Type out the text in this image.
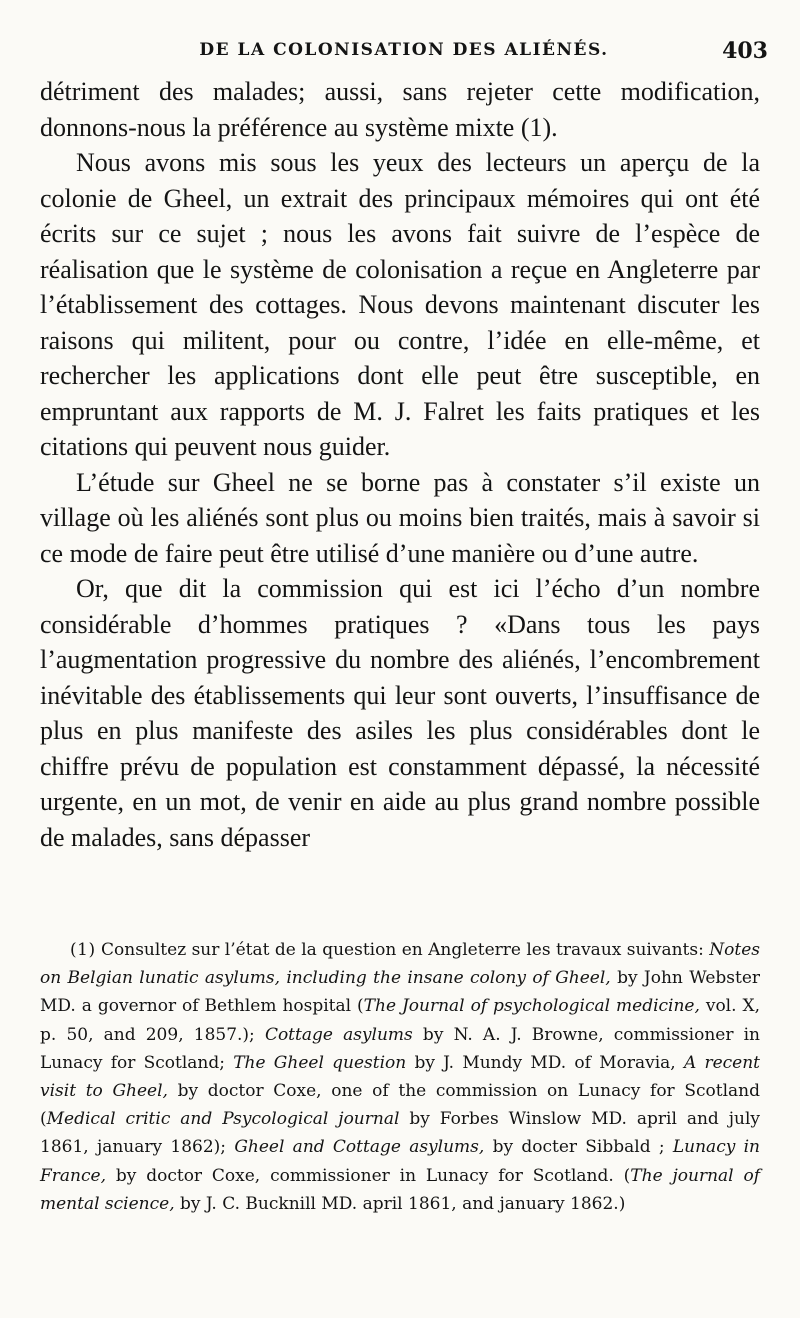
DE LA COLONISATION DES ALIÉNÉS.	403

détriment des malades; aussi, sans rejeter cette modification, donnons-nous la préférence au système mixte (1).

Nous avons mis sous les yeux des lecteurs un aperçu de la colonie de Gheel, un extrait des principaux mémoires qui ont été écrits sur ce sujet ; nous les avons fait suivre de l’espèce de réalisation que le système de colonisation a reçue en Angleterre par l’établissement des cottages. Nous devons maintenant discuter les raisons qui militent, pour ou contre, l’idée en elle-même, et rechercher les applications dont elle peut être susceptible, en empruntant aux rapports de M. J. Falret les faits pratiques et les citations qui peuvent nous guider.

L’étude sur Gheel ne se borne pas à constater s’il existe un village où les aliénés sont plus ou moins bien traités, mais à savoir si ce mode de faire peut être utilisé d’une manière ou d’une autre.

Or, que dit la commission qui est ici l’écho d’un nombre considérable d’hommes pratiques ? «Dans tous les pays l’augmentation progressive du nombre des aliénés, l’encombrement inévitable des établissements qui leur sont ouverts, l’insuffisance de plus en plus manifeste des asiles les plus considérables dont le chiffre prévu de population est constamment dépassé, la nécessité urgente, en un mot, de venir en aide au plus grand nombre possible de malades, sans dépasser

(1) Consultez sur l’état de la question en Angleterre les travaux suivants: Notes on Belgian lunatic asylums, including the insane colony of Gheel, by John Webster MD. a governor of Bethlem hospital (The Journal of psychological medicine, vol. X, p. 50, and 209, 1857.); Cottage asylums by N. A. J. Browne, commissioner in Lunacy for Scotland; The Gheel question by J. Mundy MD. of Moravia, A recent visit to Gheel, by doctor Coxe, one of the commission on Lunacy for Scotland (Medical critic and Psycological journal by Forbes Winslow MD. april and july 1861, january 1862); Gheel and Cottage asylums, by docter Sibbald ; Lunacy in France, by doctor Coxe, commissioner in Lunacy for Scotland. (The journal of mental science, by J. C. Bucknill MD. april 1861, and january 1862.)
